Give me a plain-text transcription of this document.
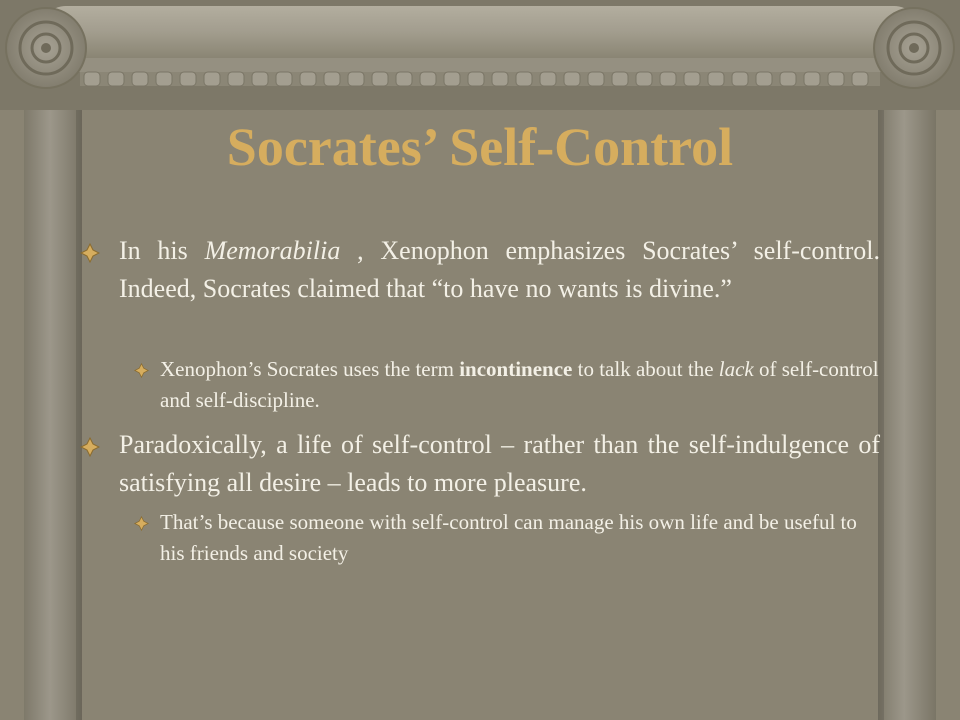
Socrates’ Self-Control
In his Memorabilia , Xenophon emphasizes Socrates’ self-control. Indeed, Socrates claimed that “to have no wants is divine.”
Xenophon’s Socrates uses the term incontinence to talk about the lack of self-control and self-discipline.
Paradoxically, a life of self-control – rather than the self-indulgence of satisfying all desire – leads to more pleasure.
That’s because someone with self-control can manage his own life and be useful to his friends and society
